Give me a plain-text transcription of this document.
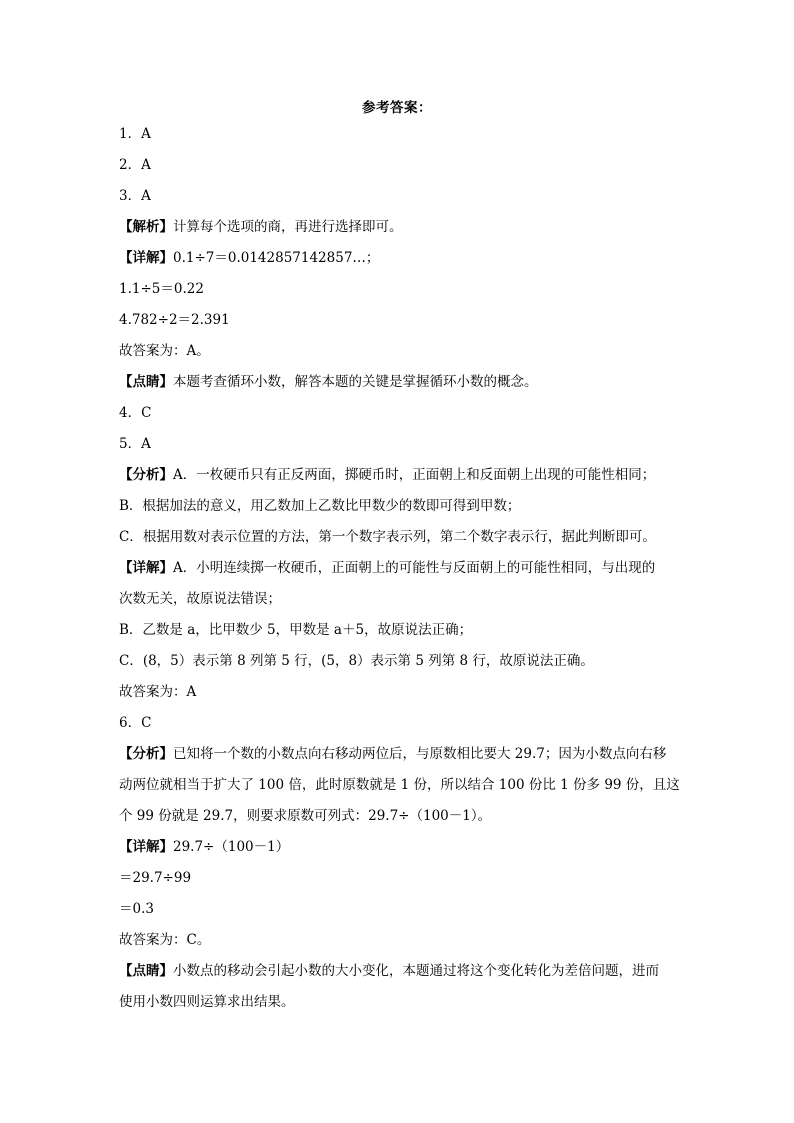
参考答案：
1．A
2．A
3．A
【解析】计算每个选项的商，再进行选择即可。
【详解】0.1÷7＝0.0142857142857…；
1.1÷5＝0.22
4.782÷2＝2.391
故答案为：A。
【点睛】本题考查循环小数，解答本题的关键是掌握循环小数的概念。
4．C
5．A
【分析】A．一枚硬币只有正反两面，掷硬币时，正面朝上和反面朝上出现的可能性相同；
B．根据加法的意义，用乙数加上乙数比甲数少的数即可得到甲数；
C．根据用数对表示位置的方法，第一个数字表示列，第二个数字表示行，据此判断即可。
【详解】A．小明连续掷一枚硬币，正面朝上的可能性与反面朝上的可能性相同，与出现的
次数无关，故原说法错误；
B．乙数是 a，比甲数少 5，甲数是 a＋5，故原说法正确；
C．(8，5）表示第 8 列第 5 行，(5，8）表示第 5 列第 8 行，故原说法正确。
故答案为：A
6．C
【分析】已知将一个数的小数点向右移动两位后，与原数相比要大 29.7；因为小数点向右移
动两位就相当于扩大了 100 倍，此时原数就是 1 份，所以结合 100 份比 1 份多 99 份，且这
个 99 份就是 29.7，则要求原数可列式：29.7÷（100－1）。
【详解】29.7÷（100－1）
＝29.7÷99
＝0.3
故答案为：C。
【点睛】小数点的移动会引起小数的大小变化，本题通过将这个变化转化为差倍问题，进而
使用小数四则运算求出结果。
